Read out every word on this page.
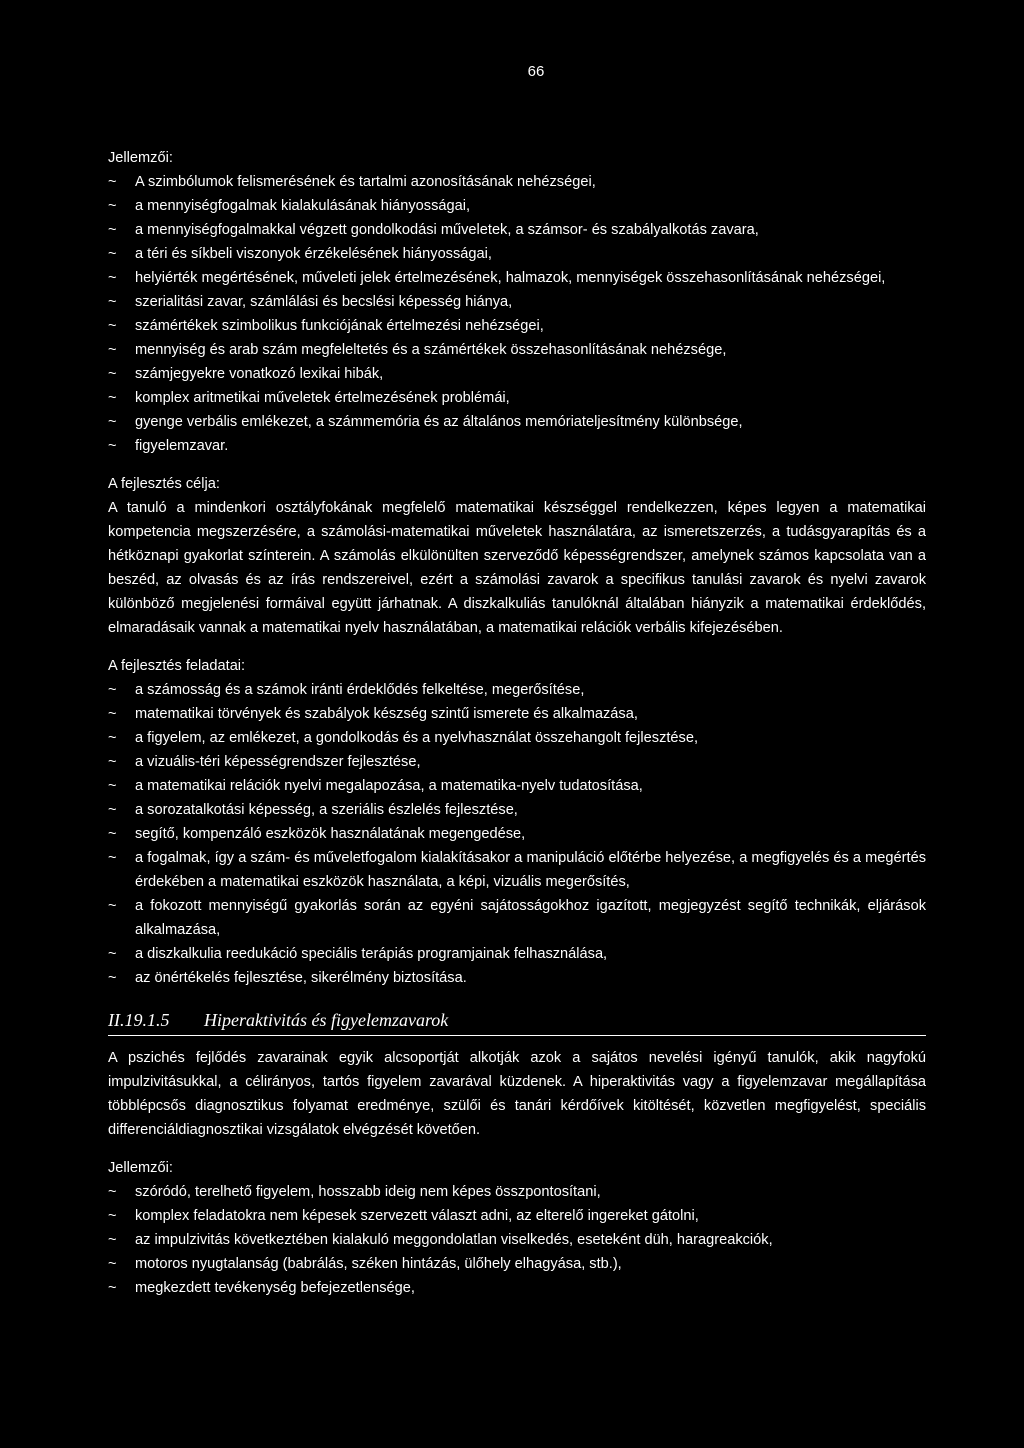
66
Jellemzői:
~ A szimbólumok felismerésének és tartalmi azonosításának nehézségei,
~ a mennyiségfogalmak kialakulásának hiányosságai,
~ a mennyiségfogalmakkal végzett gondolkodási műveletek, a számsor- és szabályalkotás zavara,
~ a téri és síkbeli viszonyok érzékelésének hiányosságai,
~ helyiérték megértésének, műveleti jelek értelmezésének, halmazok, mennyiségek összehasonlításának nehézségei,
~ szerialitási zavar, számlálási és becslési képesség hiánya,
~ számértékek szimbolikus funkciójának értelmezési nehézségei,
~ mennyiség és arab szám megfeleltetés és a számértékek összehasonlításának nehézsége,
~ számjegyekre vonatkozó lexikai hibák,
~ komplex aritmetikai műveletek értelmezésének problémái,
~ gyenge verbális emlékezet, a számmemória és az általános memóriateljesítmény különbsége,
~ figyelemzavar.
A fejlesztés célja:

A tanuló a mindenkori osztályfokának megfelelő matematikai készséggel rendelkezzen, képes legyen a matematikai kompetencia megszerzésére, a számolási-matematikai műveletek használatára, az ismeretszerzés, a tudásgyarapítás és a hétköznapi gyakorlat színterein. A számolás elkülönülten szerveződő képességrendszer, amelynek számos kapcsolata van a beszéd, az olvasás és az írás rendszereivel, ezért a számolási zavarok a specifikus tanulási zavarok és nyelvi zavarok különböző megjelenési formáival együtt járhatnak. A diszkalkuliás tanulóknál általában hiányzik a matematikai érdeklődés, elmaradásaik vannak a matematikai nyelv használatában, a matematikai relációk verbális kifejezésében.

A fejlesztés feladatai:
~ a számosság és a számok iránti érdeklődés felkeltése, megerősítése,
~ matematikai törvények és szabályok készség szintű ismerete és alkalmazása,
~ a figyelem, az emlékezet, a gondolkodás és a nyelvhasználat összehangolt fejlesztése,
~ a vizuális-téri képességrendszer fejlesztése,
~ a matematikai relációk nyelvi megalapozása, a matematika-nyelv tudatosítása,
~ a sorozatalkotási képesség, a szeriális észlelés fejlesztése,
~ segítő, kompenzáló eszközök használatának megengedése,
~ a fogalmak, így a szám- és műveletfogalom kialakításakor a manipuláció előtérbe helyezése, a megfigyelés és a megértés érdekében a matematikai eszközök használata, a képi, vizuális megerősítés,
~ a fokozott mennyiségű gyakorlás során az egyéni sajátosságokhoz igazított, megjegyzést segítő technikák, eljárások alkalmazása,
~ a diszkalkulia reedukáció speciális terápiás programjainak felhasználása,
~ az önértékelés fejlesztése, sikerélmény biztosítása.
II.19.1.5	Hiperaktivitás és figyelemzavarok

A pszichés fejlődés zavarainak egyik alcsoportját alkotják azok a sajátos nevelési igényű tanulók, akik nagyfokú impulzivitásukkal, a célirányos, tartós figyelem zavarával küzdenek. A hiperaktivitás vagy a figyelemzavar megállapítása többlépcsős diagnosztikus folyamat eredménye, szülői és tanári kérdőívek kitöltését, közvetlen megfigyelést, speciális differenciáldiagnosztikai vizsgálatok elvégzését követően.

Jellemzői:
~ szóródó, terelhető figyelem, hosszabb ideig nem képes összpontosítani,
~ komplex feladatokra nem képesek szervezett választ adni, az elterelő ingereket gátolni,
~ az impulzivitás következtében kialakuló meggondolatlan viselkedés, eseteként düh, haragreakciók,
~ motoros nyugtalanság (babrálás, széken hintázás, ülőhely elhagyása, stb.),
~ megkezdett tevékenység befejezetlensége,
